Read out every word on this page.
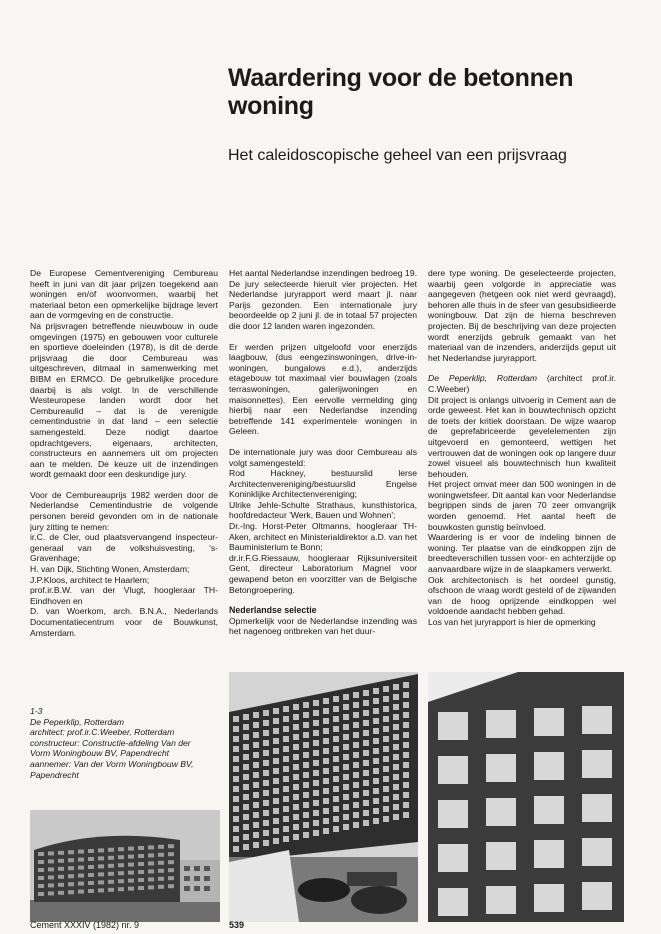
Waardering voor de betonnen woning
Het caleidoscopische geheel van een prijsvraag

De Europese Cementvereniging Cembureau heeft in juni van dit jaar prijzen toegekend aan woningen en/of woonvormen, waarbij het materiaal beton een opmerkelijke bijdrage levert aan de vormgeving en de constructie.

Na prijsvragen betreffende nieuwbouw in oude omgevingen (1975) en gebouwen voor culturele en sportieve doeleinden (1978), is dit de derde prijsvraag die door Cembureau was uitgeschreven, ditmaal in samenwerking met BIBM en ERMCO. De gebruikelijke procedure daarbij is als volgt. In de verschillende Westeuropese landen wordt door het Cembureaulid – dat is de verenigde cementindustrie in dat land – een selectie samengesteld. Deze nodigt daartoe opdrachtgevers, eigenaars, architecten, constructeurs en aannemers uit om projecten aan te melden. De keuze uit de inzendingen wordt gemaakt door een deskundige jury.

Voor de Cembureauprijs 1982 werden door de Nederlandse Cementindustrie de volgende personen bereid gevonden om in de nationale jury zitting te nemen:

ir.C. de Cler, oud plaatsvervangend inspecteur-generaal van de volkshuisvesting, 's-Gravenhage;

H. van Dijk, Stichting Wonen, Amsterdam;

J.P.Kloos, architect te Haarlem;

prof.ir.B.W. van der Vlugt, hoogleraar TH-Eindhoven en

D. van Woerkom, arch. B.N.A., Nederlands Documentatiecentrum voor de Bouwkunst, Amsterdam.

Het aantal Nederlandse inzendingen bedroeg 19. De jury selecteerde hieruit vier projecten. Het Nederlandse juryrapport werd maart jl. naar Parijs gezonden. Een internationale jury beoordeelde op 2 juni jl. de in totaal 57 projecten die door 12 landen waren ingezonden.

Er werden prijzen uitgeloofd voor enerzijds laagbouw, (dus eengezinswoningen, drive-in-woningen, bungalows e.d.), anderzijds etagebouw tot maximaal vier bouwlagen (zoals terraswoningen, galerijwoningen en maisonnettes). Een eervolle vermelding ging hierbij naar een Nederlandse inzending betreffende 141 experimentele woningen in Geleen.

De internationale jury was door Cembureau als volgt samengesteld:

Rod Hackney, bestuurslid lerse Architectenvereniging/bestuurslid Engelse Koninklijke Architectenvereniging;

Ulrike Jehle-Schulte Strathaus, kunsthistorica, hoofdredacteur 'Werk, Bauen und Wohnen';

Dr.-Ing. Horst-Peter Oltmanns, hoogleraar TH-Aken, architect en Ministerialdirektor a.D. van het Bauministerium te Bonn;

dr.ir.F.G.Riessauw, hoogleraar Rijksuniversiteit Gent, directeur Laboratorium Magnel voor gewapend beton en voorzitter van de Belgische Betongroepering.

Nederlandse selectie

Opmerkelijk voor de Nederlandse inzending was het nagenoeg ontbreken van het duur-

dere type woning. De geselecteerde projecten, waarbij geen volgorde in appreciatie was aangegeven (hetgeen ook niet werd gevraagd), behoren alle thuis in de sfeer van gesubsidieerde woningbouw. Dat zijn de hierna beschreven projecten. Bij de beschrijving van deze projecten wordt enerzijds gebruik gemaakt van het materiaal van de inzenders, anderzijds geput uit het Nederlandse juryrapport.

De Peperklip, Rotterdam (architect prof.ir. C.Weeber)

Dit project is onlangs uitvoerig in Cement aan de orde geweest. Het kan in bouwtechnisch opzicht de toets der kritiek doorstaan. De wijze waarop de geprefabriceerde gevelelementen zijn uitgevoerd en gemonteerd, wettigen het vertrouwen dat de woningen ook op langere duur zowel visueel als bouwtechnisch hun kwaliteit behouden.

Het project omvat meer dan 500 woningen in de woningwetsfeer. Dit aantal kan voor Nederlandse begrippen sinds de jaren 70 zeer omvangrijk worden genoemd. Het aantal heeft de bouwkosten gunstig beïnvloed.

Waardering is er voor de indeling binnen de woning. Ter plaatse van de eindkoppen zijn de breedteverschillen tussen voor- en achterzijde op aanvaardbare wijze in de slaapkamers verwerkt.

Ook architectonisch is het oordeel gunstig, ofschoon de vraag wordt gesteld of de zijwanden van de hoog oprijzende eindkoppen wel voldoende aandacht hebben gehad.

Los van het juryrapport is hier de opmerking

1-3
De Peperklip, Rotterdam
architect: prof.ir.C.Weeber, Rotterdam
constructeur: Constructie-afdeling Van der
Vorm Woningbouw BV, Papendrecht
aannemer: Van der Vorm Woningbouw BV,
Papendrecht
Cement XXXIV (1982) nr. 9	539
